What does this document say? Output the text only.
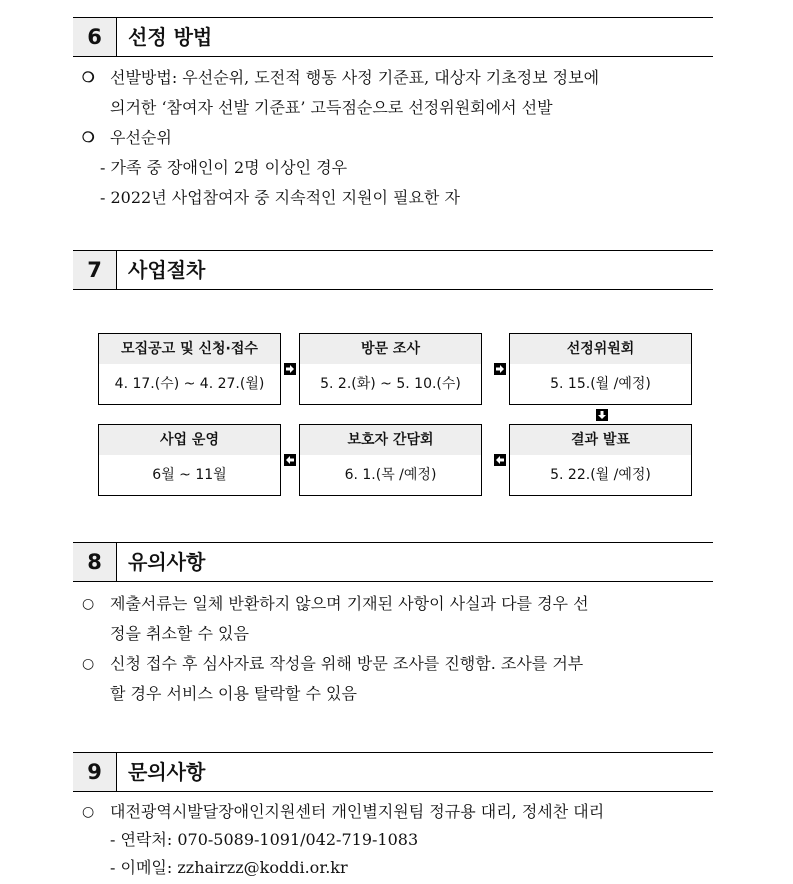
6	선정 방법
❍ 선발방법: 우선순위, 도전적 행동 사정 기준표, 대상자 기초정보 정보에
의거한 ‘참여자 선발 기준표’ 고득점순으로 선정위원회에서 선발
❍ 우선순위
- 가족 중 장애인이 2명 이상인 경우
- 2022년 사업참여자 중 지속적인 지원이 필요한 자
7	사업절차
모집공고 및 신청·접수
4. 17.(수) ~ 4. 27.(월)
방문 조사
5. 2.(화) ~ 5. 10.(수)
선정위원회
5. 15.(월 /예정)
사업 운영
6월 ~ 11월
보호자 간담회
6. 1.(목 /예정)
결과 발표
5. 22.(월 /예정)
8	유의사항
○ 제출서류는 일체 반환하지 않으며 기재된 사항이 사실과 다를 경우 선
정을 취소할 수 있음
○ 신청 접수 후 심사자료 작성을 위해 방문 조사를 진행함. 조사를 거부
할 경우 서비스 이용 탈락할 수 있음
9	문의사항
○ 대전광역시발달장애인지원센터 개인별지원팀 정규용 대리, 정세찬 대리
- 연락처: 070-5089-1091/042-719-1083
- 이메일: zzhairzz@koddi.or.kr
